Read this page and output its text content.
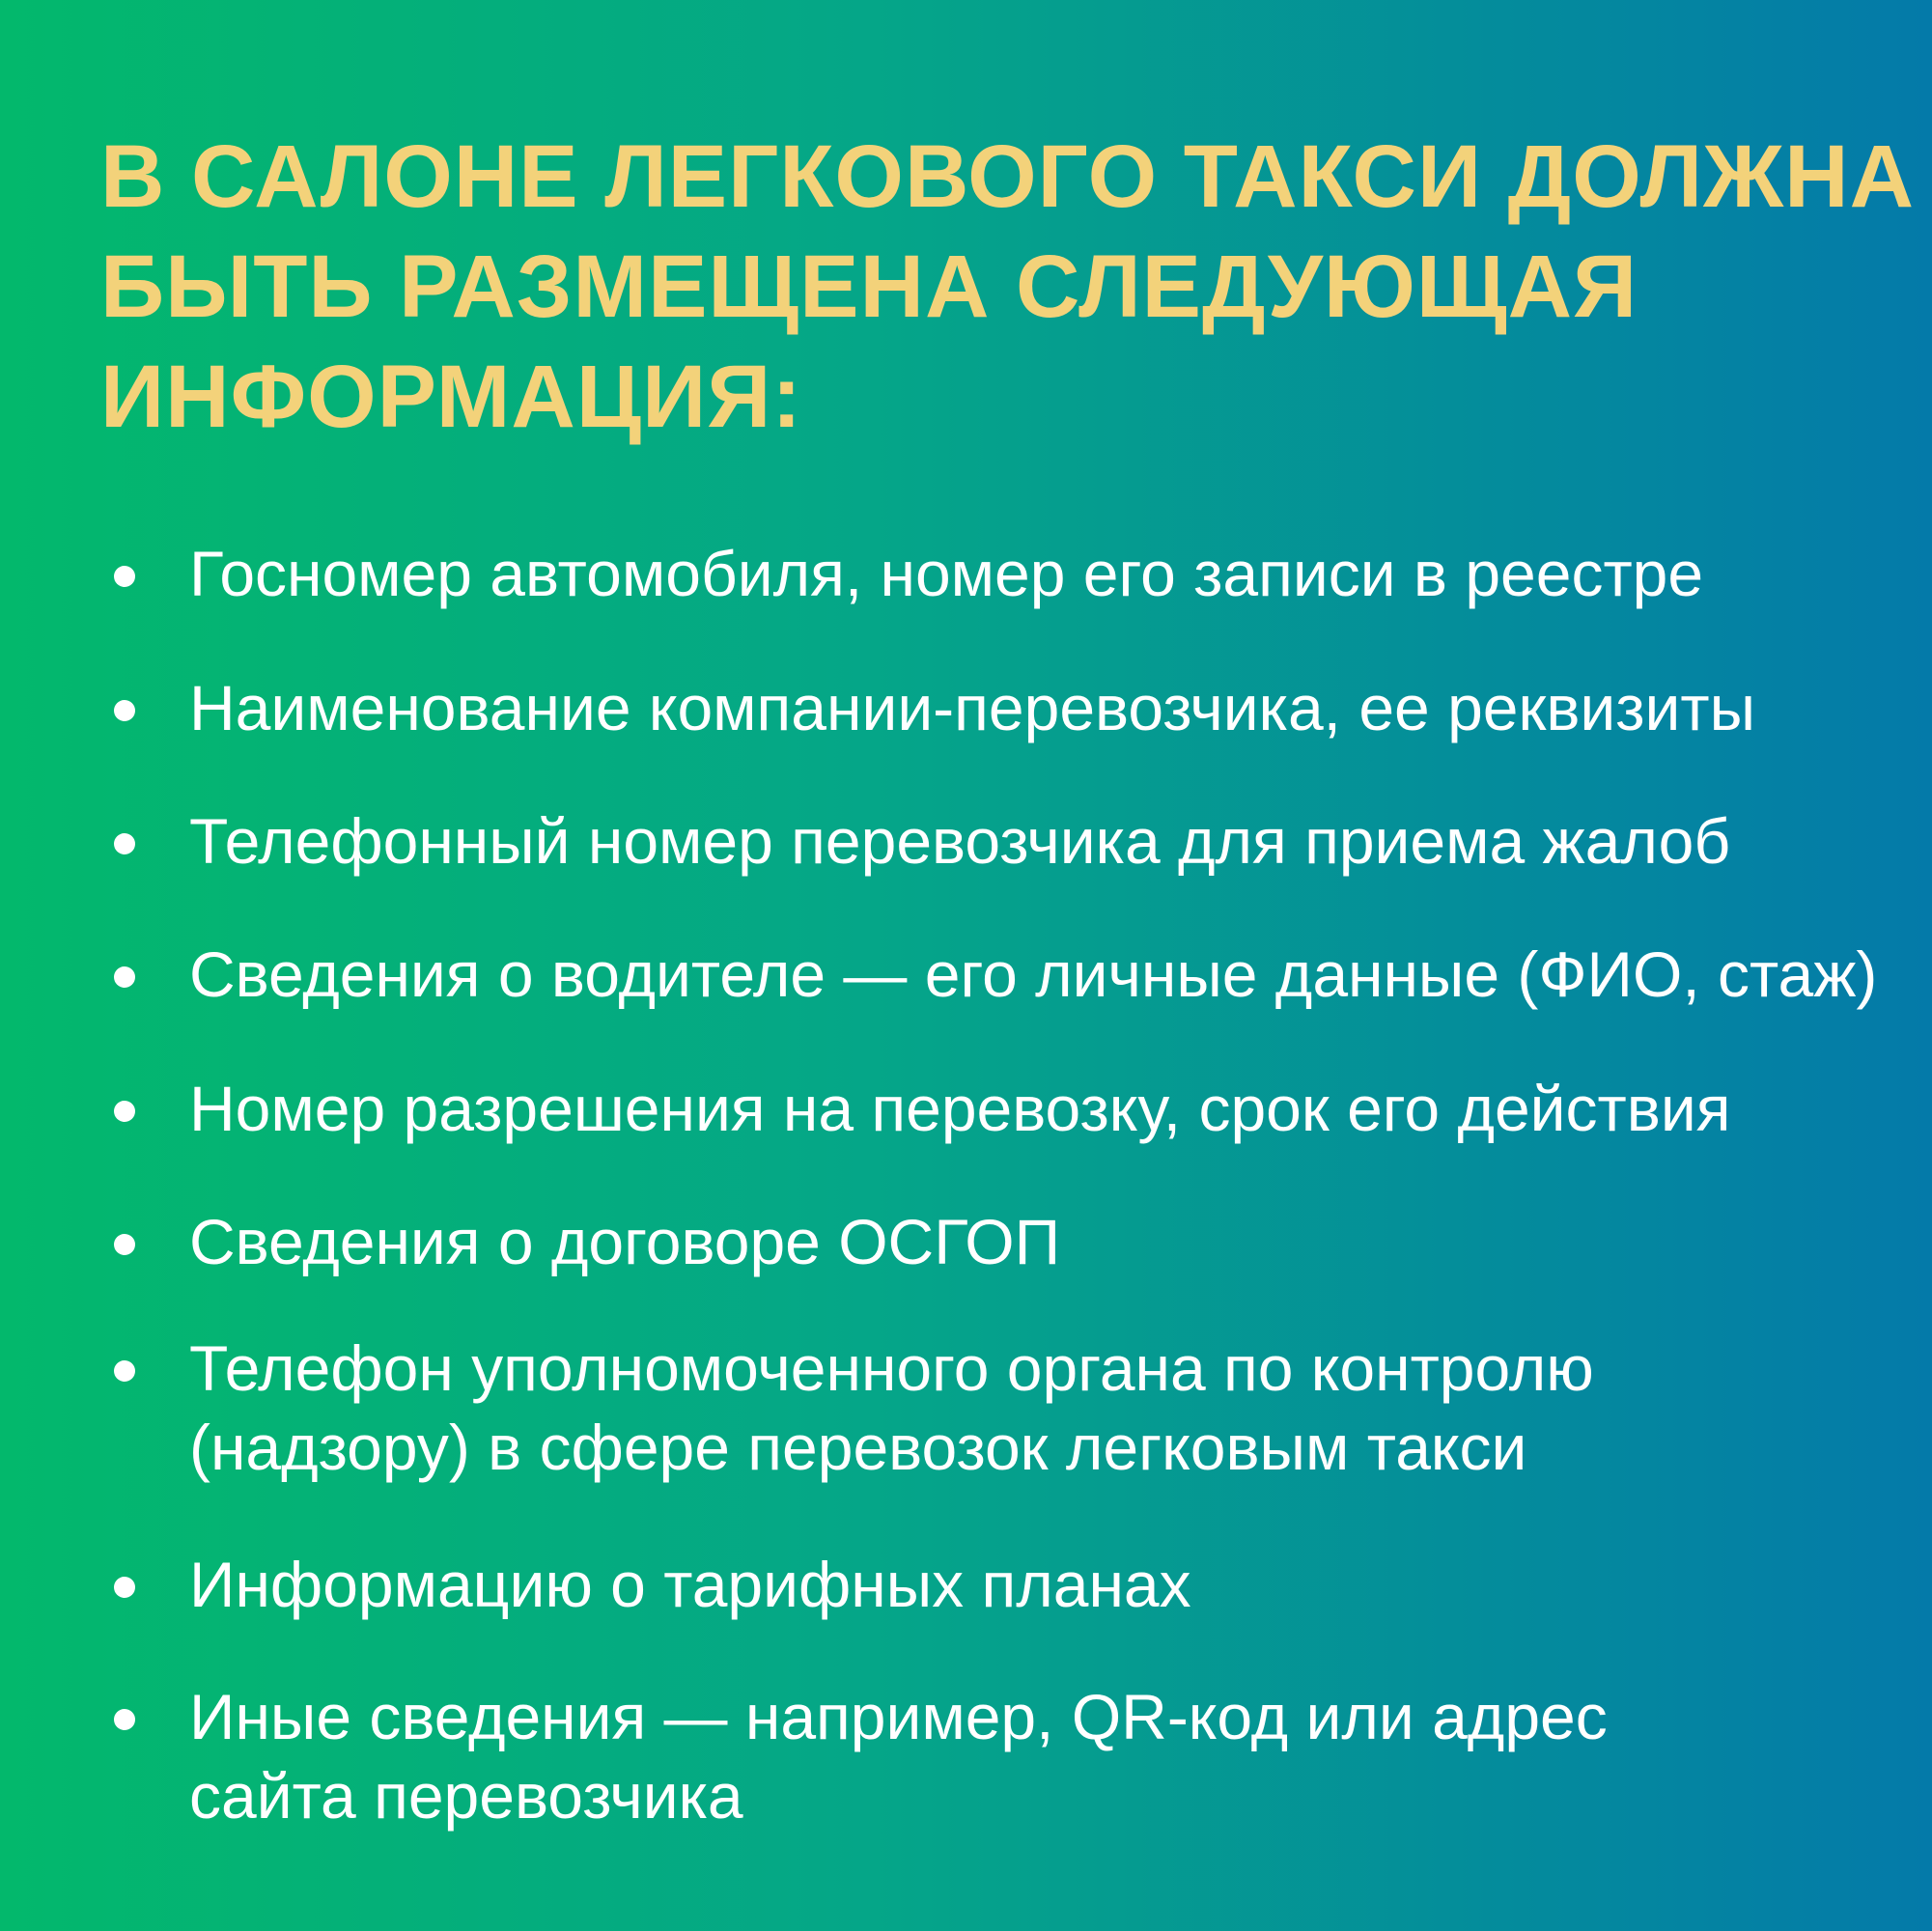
В САЛОНЕ ЛЕГКОВОГО ТАКСИ ДОЛЖНА
БЫТЬ РАЗМЕЩЕНА СЛЕДУЮЩАЯ
ИНФОРМАЦИЯ:
Госномер автомобиля, номер его записи в реестре
Наименование компании-перевозчика, ее реквизиты
Телефонный номер перевозчика для приема жалоб
Сведения о водителе — его личные данные (ФИО, стаж)
Номер разрешения на перевозку, срок его действия
Сведения о договоре ОСГОП
Телефон уполномоченного органа по контролю
(надзору) в сфере перевозок легковым такси
Информацию о тарифных планах
Иные сведения — например, QR-код или адрес
сайта перевозчика
